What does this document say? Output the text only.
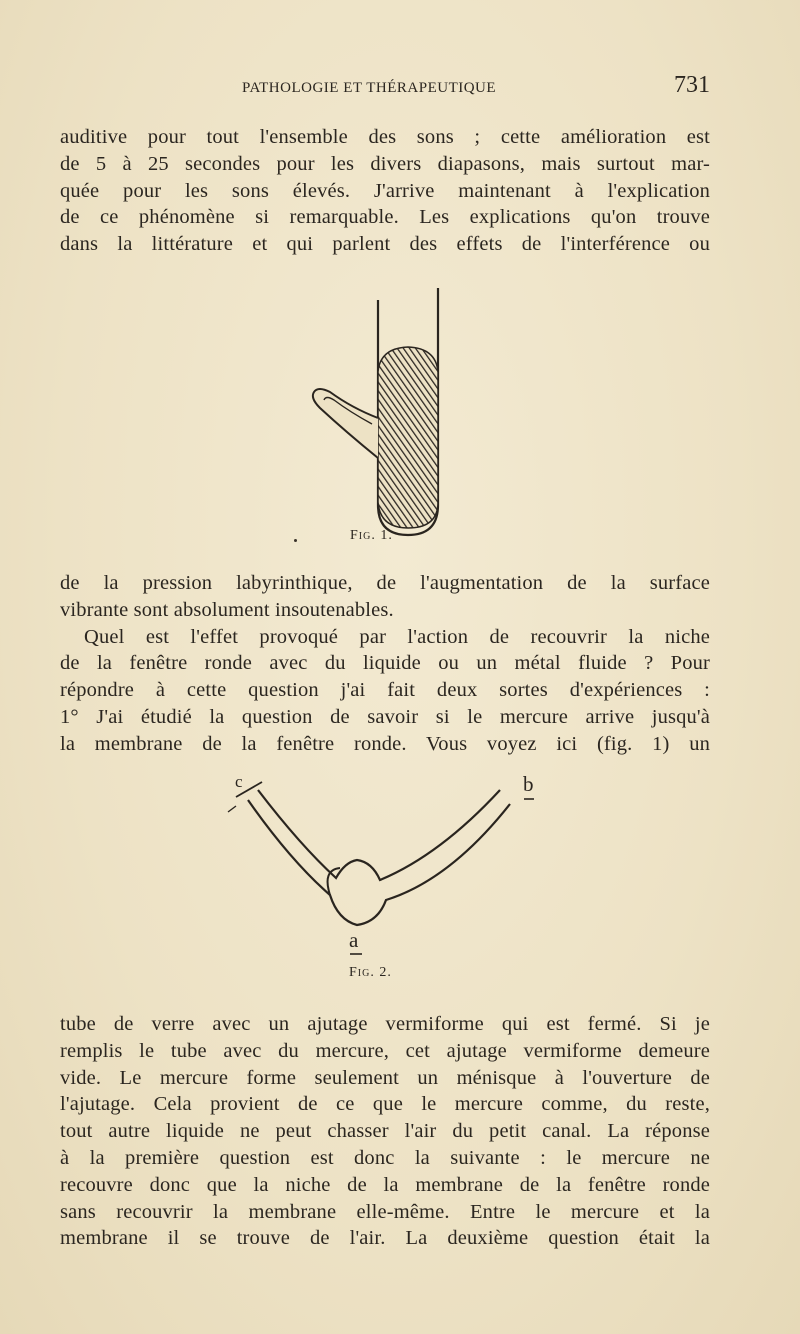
PATHOLOGIE ET THÉRAPEUTIQUE	731
auditive pour tout l'ensemble des sons ; cette amélioration est
de 5 à 25 secondes pour les divers diapasons, mais surtout mar-
quée pour les sons élevés. J'arrive maintenant à l'explication
de ce phénomène si remarquable. Les explications qu'on trouve
dans la littérature et qui parlent des effets de l'interférence ou
Fig. 1.
de la pression labyrinthique, de l'augmentation de la surface
vibrante sont absolument insoutenables.
Quel est l'effet provoqué par l'action de recouvrir la niche
de la fenêtre ronde avec du liquide ou un métal fluide ? Pour
répondre à cette question j'ai fait deux sortes d'expériences :
1° J'ai étudié la question de savoir si le mercure arrive jusqu'à
la membrane de la fenêtre ronde. Vous voyez ici (fig. 1) un
c	b
a
Fig. 2.
tube de verre avec un ajutage vermiforme qui est fermé. Si je
remplis le tube avec du mercure, cet ajutage vermiforme demeure
vide. Le mercure forme seulement un ménisque à l'ouverture de
l'ajutage. Cela provient de ce que le mercure comme, du reste,
tout autre liquide ne peut chasser l'air du petit canal. La réponse
à la première question est donc la suivante : le mercure ne
recouvre donc que la niche de la membrane de la fenêtre ronde
sans recouvrir la membrane elle-même. Entre le mercure et la
membrane il se trouve de l'air. La deuxième question était la
